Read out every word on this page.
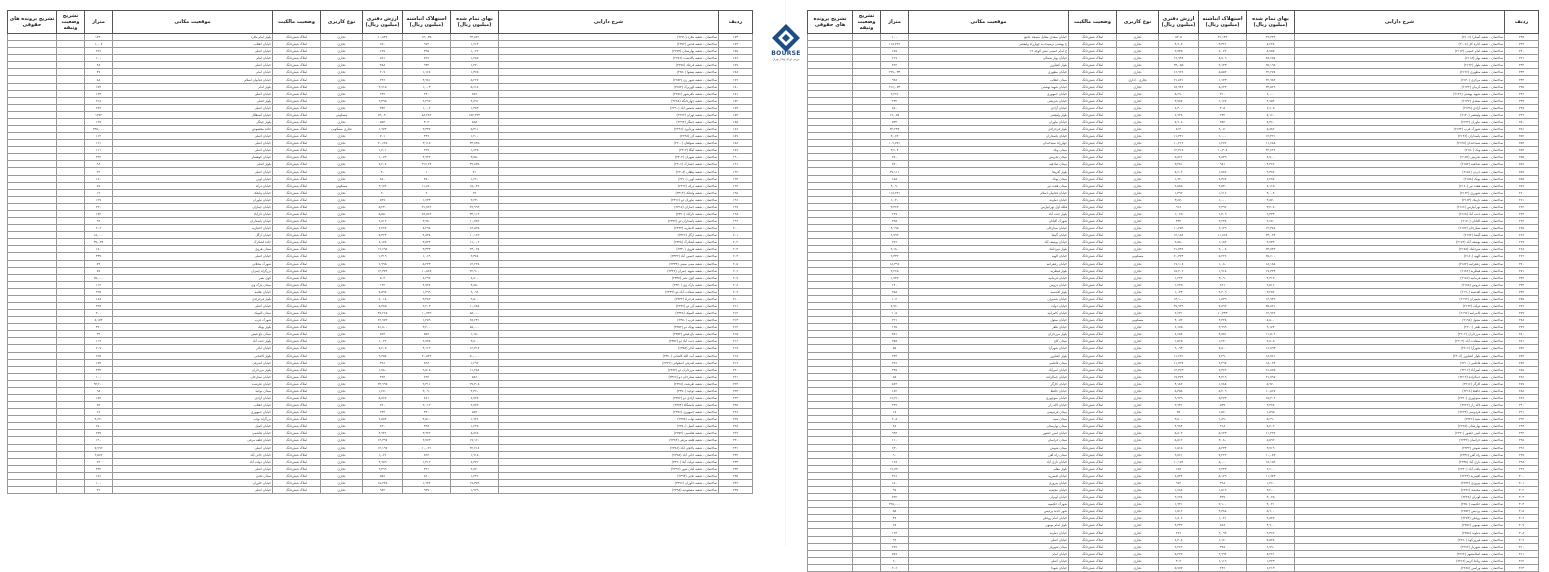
BOURSE
بورس اوراق بهادار تهران
ردیف	شرح دارایی	بهای تمام شده (میلیون ریال)	استهلاک انباشته (میلیون ریال)	ارزش دفتری (میلیون ریال)	نوع کاربری	وضعیت مالکیت	موقعیت مکانی	متراژ	تشریح وضعیت وثیقه	تشریح پرونده های حقوقی
۲۳۸	ساختمان - شعبه آستارا (۲۱۰۶)	۲۹,۳۲۹	۳۱,۱۳۲	۸۳۰۵	تجاری	املاک شش‌دانگ	خیابان سعدی مقابل مسجد جامع	۱۰۰		
۲۳۹	ساختمان - شعبه اداره کل (۳۰۰۸)	۸,۲۲۸	۳,۳۲۱	۴,۹۰۷	تجاری	املاک شش‌دانگ	خ بهشتی نرسیده به چهارراه ولیعصر	۱۱۸,۴۲۶		
۲۴۰	ساختمان - شعبه امام خمینی (۲۱۱۴)	۸,۷۵۷	۶,۰۲۲	۲,۷۳۵	تجاری	املاک شش‌دانگ	خ امام خمینی نبش کوچه ۱۲	۶۶۵		
۲۴۱	ساختمان - شعبه بهار (۲۱۱۸)	۲۸,۶۵۷	۸,۷۰۹	۱۹,۹۴۸	تجاری	املاک شش‌دانگ	خیابان بهار شمالی	۲۱۷		
۲۴۲	ساختمان - شعبه بلوار (۲۱۲۲)	۲۵,۱۹۸	۲,۱۴۳	۲۳,۰۵۵	تجاری	املاک شش‌دانگ	بلوار کشاورز	۲۶۲		
۲۴۳	ساختمان - شعبه مطهری (۲۱۲۶)	۲۲,۴۷۸	۵,۵۵۲	۱۶,۹۲۶	تجاری	املاک شش‌دانگ	خیابان مطهری	۲۹۷,۰۳۳		
۲۴۴	ساختمان - شعبه مرکزی (۲۱۳۰)	۲۲,۹۸۴	۱,۱۴۳	۲۱,۸۴۱	تجاری - اداری	املاک شش‌دانگ	میدان انقلاب	۹۴۸		
۲۴۵	ساختمان - شعبه کرمان (۲۱۳۲)	۳۴,۵۶۹	۵,۶۲۳	۲۸,۹۴۶	تجاری	املاک شش‌دانگ	خیابان شهید بهشتی	۲۱۶,۰۷۳		
۲۴۶	ساختمان - شعبه شهید بهشتی (۲۱۳۶)	۶,۰۰۰	۳۱۰	۵,۶۹۰	تجاری	املاک شش‌دانگ	خیابان جمهوری	۲,۲۲۶		
۲۴۷	ساختمان - شعبه سعدی (۲۱۳۷)	۴,۹۵۴	۱,۱۶۷	۳,۷۸۷	تجاری	املاک شش‌دانگ	خیابان شریعتی	۴۳۲		
۲۴۸	ساختمان - شعبه آزادی (۲۱۳۸)	۶,۶۰۵	۳۰۵	۶,۳۰۰	تجاری	املاک شش‌دانگ	خیابان آزادی	۸۸۰		
۲۴۹	ساختمان - شعبه ولیعصر (۲۱۴۰)	۷,۱۶۰	۲۳۲	۶,۹۲۸	تجاری	املاک شش‌دانگ	بلوار ولیعصر	۱۹,۰۵۷		
۲۵۰	ساختمان - شعبه نیاوران (۲۱۴۲)	۸,۳۶۰	۴۵۲	۷,۹۰۸	تجاری	املاک شش‌دانگ	خیابان نیاوران	۵۳۴		
۲۵۱	ساختمان - شعبه شهرک غرب (۲۱۴۴)	۸,۸۸۲	۹,۰۷۰	۸۱۲	تجاری	املاک شش‌دانگ	بلوار فرحزادی	۲۲,۲۳۷		
۲۵۲	ساختمان - شعبه پاسداران (۲۱۴۶)	۱۲,۳۲۱	۱,۰۰۰	۱۱,۳۲۱	تجاری	املاک شش‌دانگ	خیابان پاسداران	۴,۰۶۴		
۲۵۳	ساختمان - شعبه سیدخندان (۲۱۴۸)	۱۱,۶۸۸	۱,۲۷۶	۱۰,۴۱۲	تجاری	املاک شش‌دانگ	چهارراه سیدخندان	۱۰۹,۷۷۱		
۲۵۴	ساختمان - شعبه ونک (۲۱۵۰)	۲۲,۶۲۶	۱۰,۳۰۸	۱۲,۳۱۸	تجاری	املاک شش‌دانگ	میدان ونک	۳,۶۰۴		
۲۵۵	ساختمان - شعبه تجریش (۲۱۵۲)	۸,۷۰۰	۲,۸۳۹	۵,۸۶۱	تجاری	املاک شش‌دانگ	میدان تجریش	۲۸۰		
۲۵۶	ساختمان - شعبه صادقیه (۲۱۵۴)	۴,۴۶۲	۹۸۱	۳,۴۸۱	تجاری	املاک شش‌دانگ	میدان صادقیه	۸۴۰		
۲۵۷	ساختمان - شعبه جردن (۲۱۵۶)	۹,۳۸۴	۱,۷۸۲	۷,۶۰۲	تجاری	املاک شش‌دانگ	بلوار آفریقا	۲۷,۱۱۱		
۲۵۸	ساختمان - شعبه پونک (۲۱۵۸)	۶,۲۸۷	۸,۳۶۷	۱,۹۲۰	تجاری	املاک شش‌دانگ	میدان پونک	۱۵۸		
۲۵۹	ساختمان - شعبه هفت تیر (۲۱۶۰)	۷,۱۱۵	۴,۵۳۰	۲,۵۸۵	تجاری	املاک شش‌دانگ	میدان هفت تیر	۴,۰۹۰		
۲۶۰	ساختمان - شعبه شهرری (۲۱۶۲)	۳,۰۰۸	۱,۶۱۶	۱,۳۹۲	تجاری	املاک شش‌دانگ	خیابان فداییان اسلام	۱۱۸,۴۴۱		
۲۶۱	ساختمان - شعبه نارمک (۲۱۶۴)	۴,۸۷۰	۱,۰۰۰	۳,۸۷۰	تجاری	املاک شش‌دانگ	خیابان دماوند	۱,۰۴۰		
۲۶۲	ساختمان - شعبه تهرانپارس (۲۱۶۶)	۳,۳۰۸	۲,۳۹۲	۹۱۶	تجاری	املاک شش‌دانگ	فلکه اول تهرانپارس	۳,۳۶۳		
۲۶۳	ساختمان - شعبه جنت آباد (۲۱۶۸)	۲,۳۳۴	۱,۳۰۹	۱,۰۲۵	تجاری	املاک شش‌دانگ	بلوار جنت آباد	۲۶۷		
۲۶۴	ساختمان - شعبه اکباتان (۲۱۷۰)	۲,۶۷۰	۲,۲۳۸	۴۳۲	تجاری	املاک شش‌دانگ	شهرک اکباتان	۳۹۵		
۲۶۵	ساختمان - شعبه ستارخان (۲۱۷۲)	۱۲,۳۸۸	۲,۱۲۹	۱۰,۲۵۹	تجاری	املاک شش‌دانگ	خیابان ستارخان	۴,۱۹۵		
۲۶۶	ساختمان - شعبه گیشا (۲۱۷۴)	۲۴,۰۲۴	۱۱,۸۶۸	۱۲,۱۵۶	تجاری	املاک شش‌دانگ	خیابان گیشا	۲,۷۹۲		
۲۶۷	ساختمان - شعبه یوسف آباد (۲۱۷۶)	۳,۷۳۴	۱,۱۸۴	۲,۵۵۰	تجاری	املاک شش‌دانگ	خیابان یوسف آباد	۲۲۶		
۲۶۸	ساختمان - شعبه میرداماد (۲۱۷۸)	۲۳,۷۴۴	۲,۰۰۸	۲۱,۷۳۶	تجاری	املاک شش‌دانگ	بلوار میرداماد	۲,۱۸۰		
۲۶۹	ساختمان - شعبه الهیه (۲۱۸۰)	۲۵,۶۰۰	۵,۲۲۶	۲۰,۳۷۴	مسکونی	املاک شش‌دانگ	خیابان الهیه	۲,۳۳۲		
۲۷۰	ساختمان - شعبه زعفرانیه (۲۱۸۲)	۱۸,۱۸۸	۱,۰۸۰	۱۷,۱۰۸	تجاری	املاک شش‌دانگ	خیابان زعفرانیه	۱۸,۳۹۶		
۲۷۱	ساختمان - شعبه قیطریه (۲۱۸۴)	۱۷,۳۲۴	۱,۹۱۸	۱۵,۴۰۶	تجاری	املاک شش‌دانگ	بلوار قیطریه	۲,۴۶۵		
۲۷۲	ساختمان - شعبه فرمانیه (۲۱۸۶)	۴,۳۱۳	۳,۰۹۰	۱,۲۲۳	تجاری	املاک شش‌دانگ	خیابان فرمانیه	۱,۷۳۷		
۲۷۳	ساختمان - شعبه دروس (۲۱۸۸)	۲,۵۱۶	۸۹۱	۱,۶۲۵	تجاری	املاک شش‌دانگ	خیابان دروس	۱۴۰		
۲۷۴	ساختمان - شعبه اقدسیه (۲۱۹۰)	۳,۲۵۲	۲,۲۰۹	۱,۰۴۳	تجاری	املاک شش‌دانگ	بلوار اقدسیه	۲۵۸		
۲۷۵	ساختمان - شعبه شمیران (۲۱۹۲)	۱۴,۹۳۹	۱,۸۳۹	۱۳,۱۰۰	تجاری	املاک شش‌دانگ	خیابان شمیران	۱۰۲		
۲۷۶	ساختمان - شعبه دولت (۲۱۹۴)	۳۵,۸۲۱	۷,۸۹۲	۲۷,۹۲۹	تجاری	املاک شش‌دانگ	خیابان دولت	۷,۹۶۰		
۲۷۷	ساختمان - شعبه کامرانیه (۲۱۹۶)	۱۲,۹۶۴	۱۰,۳۳۳	۲,۶۳۱	تجاری	املاک شش‌دانگ	خیابان کامرانیه	۱۰۵		
۲۷۸	ساختمان - شعبه سئول (۲۱۹۸)	۸,۵۰۰	۴,۴۲۸	۴,۰۷۲	مسکونی	املاک شش‌دانگ	خیابان سئول	۲۲۱		
۲۷۹	ساختمان - شعبه ظفر (۲۲۰۰)	۹,۱۷۴	۲,۹۹۹	۶,۱۷۵	تجاری	املاک شش‌دانگ	خیابان ظفر	۱۲۵		
۲۸۰	ساختمان - شعبه مرزداران (۲۲۰۲)	۱۱,۵۰۹	۴,۸۵۱	۶,۶۵۸	تجاری	املاک شش‌دانگ	بلوار مرزداران	۴۵۱		
۲۸۱	ساختمان - شعبه سعادت آباد (۲۲۰۴)	۲,۸۰۵	۱,۲۴۰	۱,۵۶۵	تجاری	املاک شش‌دانگ	میدان کاج	۲۷۵		
۲۸۲	ساختمان - شعبه شهرآرا (۲۲۰۶)	۱۶,۸۹۳	۷,۸۰۰	۹,۰۹۳	تجاری	املاک شش‌دانگ	خیابان شهرآرا	۵۵		
۲۸۳	ساختمان - شعبه بلوار کشاورز (۲۲۰۸)	۱۸,۷۶۱	۷,۴۹۰	۱۱,۲۷۱	تجاری	املاک شش‌دانگ	بلوار کشاورز	۲۴۴		
۲۸۴	ساختمان - شعبه فاطمی (۲۲۱۰)	۱۸,۰۲۴	۶,۲۹۷	۱۱,۷۲۷	تجاری	املاک شش‌دانگ	میدان فاطمی	۲۹۶		
۲۸۵	ساختمان - شعبه امیرآباد (۲۲۱۲)	۲۱,۸۲۵	۷,۴۶۲	۱۴,۳۶۳	تجاری	املاک شش‌دانگ	خیابان امیرآباد	۴۴۵		
۲۸۶	ساختمان - شعبه جمالزاده (۲۲۱۴)	۲۱,۷۹۸	۴,۴۱۹	۱۷,۳۷۹	تجاری	املاک شش‌دانگ	خیابان جمالزاده	۵۸		
۲۸۷	ساختمان - شعبه کارگر (۲۲۱۶)	۵,۹۷۰	۱,۷۸۸	۴,۱۸۲	تجاری	املاک شش‌دانگ	خیابان کارگر	۵۶۴		
۲۸۸	ساختمان - شعبه حافظ (۲۲۱۸)	۱۰,۸۶۷	۵,۴۰۹	۵,۴۵۸	تجاری	املاک شش‌دانگ	خیابان حافظ	۱۸۲		
۲۸۹	ساختمان - شعبه منوچهری (۲۲۲۰)	۱۵,۴۰۲	۵,۴۷۳	۹,۹۲۹	تجاری	املاک شش‌دانگ	خیابان منوچهری	۱۶,۴۱۰		
۲۹۰	ساختمان - شعبه لاله زار (۲۲۲۲)	۳,۴۶۸	۵۳۷	۲,۹۳۱	تجاری	املاک شش‌دانگ	خیابان لاله زار	۲۳۶		
۲۹۱	ساختمان - شعبه فردوسی (۲۲۲۴)	۱,۵۹۵	۱,۵۶۰	۳۵	تجاری	املاک شش‌دانگ	میدان فردوسی	۱۸		
۲۹۲	ساختمان - شعبه سپه (۲۲۲۶)	۵,۶۹۰	۱,۸۹۰	۳,۸۰۰	تجاری	املاک شش‌دانگ	میدان سپه	۲۰۸		
۲۹۳	ساختمان - شعبه بهارستان (۲۲۲۸)	۵,۴۰۲	۴۱۸	۴,۹۸۴	تجاری	املاک شش‌دانگ	میدان بهارستان	۴۸		
۲۹۴	ساختمان - شعبه امین حضور (۲۲۳۰)	۱۱,۴۲۷	۵,۶۲۳	۵,۸۰۴	تجاری	املاک شش‌دانگ	خیابان امین حضور	۹۹۴		
۲۹۵	ساختمان - شعبه خراسان (۲۲۳۲)	۸,۵۹۲	۳,۰۸۰	۵,۵۱۲	تجاری	املاک شش‌دانگ	میدان خراسان	۱۱۰		
۲۹۶	ساختمان - شعبه شوش (۲۲۳۴)	۳,۷۱۹	۵,۲۳۴	۱,۵۱۵	تجاری	املاک شش‌دانگ	میدان شوش	۶۳۰		
۲۹۷	ساختمان - شعبه راه آهن (۲۲۳۶)	۱۰,۰۸۳	۷,۲۲۲	۲,۸۶۱	تجاری	املاک شش‌دانگ	میدان راه آهن	۹۰		
۲۹۸	ساختمان - شعبه نازی آباد (۲۲۳۸)	۱۵,۱۵۹	۵,۰۰۰	۱۰,۱۵۹	تجاری	املاک شش‌دانگ	خیابان نازی آباد	۱۲۸		
۲۹۹	ساختمان - شعبه یافت آباد (۲۲۴۰)	۲,۶۰۰	۲,۴۴۳	۱۵۷	تجاری	املاک شش‌دانگ	بلوار معلم	۱۹,۷۲۰		
۳۰۰	ساختمان - شعبه افسریه (۲۲۴۲)	۱۱,۹۷۳	۵,۱۲۹	۶,۸۴۴	تجاری	املاک شش‌دانگ	خیابان افسریه	۳۱۶		
۳۰۱	ساختمان - شعبه پیروزی (۲۲۴۴)	۱,۴۶۰	۴۹۸	۹۶۲	تجاری	املاک شش‌دانگ	خیابان پیروزی	۱۸۰		
۳۰۲	ساختمان - شعبه مجیدیه (۲۲۴۶)	۳,۲۰۰	۱,۵۱۲	۱,۶۸۸	تجاری	املاک شش‌دانگ	خیابان مجیدیه	۹۷		
۳۰۳	ساختمان - شعبه لویزان (۲۲۴۸)	۳,۰۲۵	۳۹۷	۲,۶۲۸	تجاری	املاک شش‌دانگ	خیابان لویزان	۲۲۲		
۳۰۴	ساختمان - شعبه حکیمیه (۲۲۵۰)	۴,۰۴۱	۲,۱۰۰	۱,۹۴۱	تجاری	املاک شش‌دانگ	شهرک حکیمیه	۲۹۵,۰۰۰		
۳۰۵	ساختمان - شعبه پردیس (۲۲۵۲)	۵,۹۰۰	۴,۳۸۸	۱,۵۱۲	تجاری	املاک شش‌دانگ	شهر جدید پردیس	۵۸		
۳۰۶	ساختمان - شعبه رودهن (۲۲۵۴)	۲,۸۴۷	۱,۰۴۱	۱,۸۰۶	تجاری	املاک شش‌دانگ	خیابان امام رودهن	۴۷		
۳۰۷	ساختمان - شعبه بومهن (۲۲۵۶)	۴,۹۰۰	۵۶۸	۴,۳۳۲	تجاری	املاک شش‌دانگ	بلوار امام بومهن	۲۸		
۳۰۸	ساختمان - شعبه دماوند (۲۲۵۸)	۲,۳۶۲	۲,۰۹۳	۲۶۹	تجاری	املاک شش‌دانگ	خیابان دماوند	۱۲۴		
۳۰۹	ساختمان - شعبه فیروزکوه (۲۲۶۰)	۷,۵۲۸	۱,۱۲۰	۶,۴۰۸	تجاری	املاک شش‌دانگ	خیابان اصلی	۹۴		
۳۱۰	ساختمان - شعبه شهریار (۲۲۶۲)	۲,۷۹۰	۳۲۸	۲,۴۶۲	تجاری	املاک شش‌دانگ	میدان شهریار	۲۳۶		
۳۱۱	ساختمان - شعبه اسلامشهر (۲۲۶۴)	۸,۲۲۱	۲,۹۹۴	۵,۲۲۷	تجاری	املاک شش‌دانگ	خیابان امام	۷۵۹		
۳۱۲	ساختمان - شعبه رباط کریم (۲۲۶۶)	۱,۴۲۳	۱,۱۱۹	۳۰۴	تجاری	املاک شش‌دانگ	خیابان اصلی	۶۰		
۳۱۳	ساختمان - شعبه ورامین (۲۲۶۸)	۶,۲۱۳	۴۳۶	۵,۷۷۷	تجاری	املاک شش‌دانگ	خیابان شهدا	۲۰۶		
ردیف	شرح دارایی	بهای تمام شده (میلیون ریال)	استهلاک انباشته (میلیون ریال)	ارزش دفتری (میلیون ریال)	نوع کاربری	وضعیت مالکیت	موقعیت مکانی	متراژ	تشریح وضعیت وثیقه	تشریح پرونده های حقوقی
۱۷۳	ساختمان - شعبه ملارد (۲۲۷۰)	۲۴,۸۷۱	۱۴,۰۳۵	۱۰,۸۳۶	تجاری	املاک شش‌دانگ	بلوار امام ملارد	۱۷۳۰		
۱۷۴	ساختمان - شعبه قدس (۲۲۷۲)	۱,۶۱۴	۹۶۴	۶۵۰	تجاری	املاک شش‌دانگ	خیابان انقلاب	۱,۰۰۷		
۱۷۵	ساختمان - شعبه بهارستان (۲۲۷۴)	۱,۰۲۲	۳۹۵	۶۲۷	تجاری	املاک شش‌دانگ	خیابان اصلی	۲۲۶		
۱۷۶	ساختمان - شعبه پاکدشت (۲۲۷۶)	۱,۲۸۷	۷۲۶	۵۶۱	تجاری	املاک شش‌دانگ	خیابان امام	۱۰۰		
۱۷۷	ساختمان - شعبه قرچک (۲۲۷۸)	۱,۴۲۰	۹۳۲	۴۸۸	تجاری	املاک شش‌دانگ	خیابان اصلی	۴۸		
۱۷۸	ساختمان - شعبه پیشوا (۲۲۸۰)	۱,۳۷۵	۱,۱۶۸	۲۰۷	تجاری	املاک شش‌دانگ	خیابان امام	۴۷		
۱۷۹	ساختمان - شعبه شهر ری (۲۲۸۲)	۵,۲۲۷	۴,۹۸۱	۲۴۶	تجاری	املاک شش‌دانگ	خیابان فداییان اسلام	۸۸		
۱۸۰	ساختمان - شعبه کهریزک (۲۲۸۴)	۵,۶۱۸	۱,۰۰۳	۴,۶۱۵	تجاری	املاک شش‌دانگ	بلوار امام	۱۷۳		
۱۸۱	ساختمان - شعبه باقرشهر (۲۲۸۶)	۸۷۶	۲۴۰	۶۳۶	تجاری	املاک شش‌دانگ	خیابان اصلی	۱۴۳		
۱۸۲	ساختمان - شعبه چهاردانگه (۲۲۸۸)	۴,۸۹۱	۲,۴۹۶	۲,۳۹۵	تجاری	املاک شش‌دانگ	بلوار اصلی	۲۱۸		
۱۸۳	ساختمان - شعبه شمس آباد (۲۲۹۰)	۱,۳۷۴	۱,۰۰۲	۳۷۲	تجاری	املاک شش‌دانگ	خیابان اصلی	۲۶۴		
۱۸۴	ساختمان - شعبه تهران (۲۲۹۲)	۱۵۲,۳۲۲	۸۸,۲۸۲	۶۴,۰۴۰	مسکونی	املاک شش‌دانگ	خیابان استقلال	۱۲۷۲		
۱۸۵	ساختمان - شعبه چیتگر (۲۲۹۴)	۸۵۸	۳۰۴	۵۵۴	تجاری	املاک شش‌دانگ	بلوار چیتگر	۱۲۷		
۱۸۶	ساختمان - شعبه وردآورد (۲۲۹۶)	۵,۳۱۱	۳,۳۳۷	۱,۹۷۴	تجاری مسکونی	املاک شش‌دانگ	جاده مخصوص	۲۳۵,۰۰۰		
۱۸۷	ساختمان - شعبه کن (۲۲۹۸)	۱,۲۰۰	۴۹۹	۷۰۱	تجاری	املاک شش‌دانگ	خیابان اصلی	۱۱۲		
۱۸۸	ساختمان - شعبه سولقان (۲۳۰۰)	۳۳,۷۴۵	۳,۱۱۷	۳۰,۶۲۸	تجاری	املاک شش‌دانگ	خیابان اصلی	۱۲۱		
۱۸۹	ساختمان - شعبه کیگا (۲۳۰۲)	۱,۶۲۸	۲۲۷	۱,۴۰۱	تجاری	املاک شش‌دانگ	خیابان اصلی	۱۱۱		
۱۹۰	ساختمان - شعبه شهران (۲۳۰۴)	۳,۸۵۰	۴,۹۲۲	۱,۰۷۲	تجاری	املاک شش‌دانگ	خیابان کوهسار	۲۲۲		
۱۹۱	ساختمان - شعبه حصارک (۲۳۰۶)	۳۹,۸۳۵	۳۱۶,۲۷	۸,۲۰۸	تجاری	املاک شش‌دانگ	بلوار اصلی	۹۶		
۱۹۲	ساختمان - شعبه بیلقان (۲۳۰۸)	۴۱	۱	۴۰	تجاری	املاک شش‌دانگ	خیابان اصلی	۲۲		
۱۹۳	ساختمان - شعبه اوین (۲۳۱۰)	۱,۲۶۰	۳۸۰	۸۸۰	تجاری	املاک شش‌دانگ	خیابان اوین	۱۸۰		
۱۹۴	ساختمان - شعبه درکه (۲۳۱۲)	۱۵,۰۳۶	۱۱,۸۶۰	۳,۱۷۶	مسکونی	املاک شش‌دانگ	خیابان درکه	۸۷		
۱۹۵	ساختمان - شعبه ولنجک (۲۳۱۴)	۲۲	۲	۲۰	تجاری	املاک شش‌دانگ	خیابان ولنجک	۱۲		
۱۹۶	ساختمان - شعبه نیاوران دو (۲۳۱۶)	۲,۲۳۰	۱,۶۳۳	۵۹۷	تجاری	املاک شش‌دانگ	خیابان نیاوران	۱۲۷		
۱۹۷	ساختمان - شعبه جماران (۲۳۱۸)	۳۶,۹۹۲	۳۱,۷۶۲	۵,۲۳۰	تجاری	املاک شش‌دانگ	خیابان جماران	۲۳۰		
۱۹۸	ساختمان - شعبه دارآباد (۲۳۲۰)	۳۴,۱۱۲	۲۸,۵۶۲	۵,۵۵۰	تجاری	املاک شش‌دانگ	خیابان دارآباد	۱۷۲		
۱۹۹	ساختمان - شعبه پاسداران دو (۲۳۲۲)	۱۰,۷۸۲	۳,۹۷۰	۶,۸۱۲	تجاری	املاک شش‌دانگ	خیابان پاسداران	۹۲		
۲۰۰	ساختمان - شعبه اختیاریه (۲۳۲۴)	۱۴,۵۲۵	۸,۲۹۸	۶,۲۲۷	تجاری	املاک شش‌دانگ	خیابان اختیاریه	۲۰۶		
۲۰۱	ساختمان - شعبه ازگل (۲۳۲۶)	۱۰,۱۶۲	۴,۸۳۸	۵,۳۲۴	تجاری	املاک شش‌دانگ	خیابان ازگل	۱۸,۰۰۰		
۲۰۲	ساختمان - شعبه لشکرک (۲۳۲۸)	۱۱,۰۰۲	۳,۸۲۴	۷,۱۷۸	تجاری	املاک شش‌دانگ	جاده لشکرک	۳۷,۰۳۷		
۲۰۳	ساختمان - شعبه هروی (۲۳۳۰)	۲۳,۰۲۸	۳,۳۳۳	۱۹,۶۹۵	تجاری	املاک شش‌دانگ	میدان هروی	۱۸۰		
۲۰۴	ساختمان - شعبه حسین آباد (۲۳۳۲)	۲,۳۸۸	۱,۰۶۹	۱,۳۱۹	تجاری	املاک شش‌دانگ	خیابان اصلی	۳۳۷		
۲۰۵	ساختمان - شعبه مینی سیتی (۲۳۳۴)	۱۲,۲۲۸	۵,۲۳۳	۶,۹۹۵	تجاری	املاک شش‌دانگ	شهرک محلاتی	۷۴		
۲۰۶	ساختمان - شعبه شهید چمران (۲۳۳۶)	۲۲,۹۰۰	۱۰,۵۲۸	۱۲,۳۷۲	تجاری	املاک شش‌دانگ	بزرگراه چمران	۸۷		
۲۰۷	ساختمان - شعبه کوی نصر (۲۳۳۸)	۶,۸۰۰	۶,۲۹۶	۵۰۴	تجاری	املاک شش‌دانگ	کوی نصر	۲۵,۰۰۰		
۲۰۸	ساختمان - شعبه پارک وی (۲۳۴۰)	۴,۸۵۰	۴,۷۲۸	۱۲۲	تجاری	املاک شش‌دانگ	میدان پارک وی	۱۱۲		
۲۰۹	ساختمان - شعبه سعادت آباد دو (۲۳۴۲)	۹,۰۹۶	۱,۴۹۹	۷,۵۹۷	تجاری	املاک شش‌دانگ	خیابان علامه	۲۲۵		
۲۱۰	ساختمان - شعبه فرحزاد (۲۳۴۴)	۹,۵۰۰	۳,۴۸۲	۶,۰۱۸	تجاری	املاک شش‌دانگ	بلوار فرحزادی	۱۸۸		
۲۱۱	ساختمان - شعبه کن دو (۲۳۴۶)	۱۰,۶۸۸	۲,۲۰۳	۸,۴۸۵	تجاری	املاک شش‌دانگ	خیابان اصلی	۲۳۸		
۲۱۲	ساختمان - شعبه المپیک (۲۳۴۸)	۵۸,۰۰۰	۱۰,۷۳۲	۴۷,۲۶۸	تجاری	املاک شش‌دانگ	میدان المپیک	۴۰۰		
۲۱۳	ساختمان - شعبه غرب (۲۳۵۰)	۲۸,۲۳۱	۱,۲۵۹	۲۶,۹۷۲	تجاری	املاک شش‌دانگ	شهرک غرب	۸,۱۷۴		
۲۱۴	ساختمان - شعبه پونک دو (۲۳۵۲)	۸۵,۰۰۰	۳,۲۰۰	۸۱,۸۰۰	تجاری	املاک شش‌دانگ	بلوار پونک	۳۲۰		
۲۱۵	ساختمان - شعبه باغ فیض (۲۳۵۴)	۱,۱۵۰	۵۵۶	۵۹۴	تجاری	املاک شش‌دانگ	میدان باغ فیض	۳۲		
۲۱۶	ساختمان - شعبه جنت آباد دو (۲۳۵۶)	۳,۸۰۰	۲,۷۷۸	۱,۰۲۲	تجاری	املاک شش‌دانگ	بلوار جنت آباد	۱۱۹		
۲۱۷	ساختمان - شعبه اباذر (۲۳۵۸)	۱۲,۳۱۷	۴,۱۱۲	۸,۲۰۵	تجاری	املاک شش‌دانگ	خیابان اباذر	۲۰۷		
۲۱۸	ساختمان - شعبه آیت الله کاشانی (۲۳۶۰)	۵۰,۰۰۰	۴۰,۵۴۲	۹,۴۵۸	تجاری	املاک شش‌دانگ	بلوار کاشانی	۶۲۵		
۲۱۹	ساختمان - شعبه اشرفی اصفهانی (۲۳۶۲)	۱,۲۹۲	۸۹۶	۳۹۶	تجاری	املاک شش‌دانگ	خیابان اشرفی	۱۷۳		
۲۲۰	ساختمان - شعبه مرزداران دو (۲۳۶۴)	۱۱,۲۸۸	۹,۵۰۸	۱,۷۸۰	تجاری	املاک شش‌دانگ	بلوار مرزداران	۴۳۲		
۲۲۱	ساختمان - شعبه ستارخان دو (۲۳۶۶)	۵۸۶	۲۲۲	۳۶۴	تجاری	املاک شش‌دانگ	خیابان ستارخان	۱۰۰		
۲۲۲	ساختمان - شعبه طرشت (۲۳۶۸)	۲۷,۳۰۸	۲,۳۱۱	۲۴,۹۹۷	تجاری	املاک شش‌دانگ	خیابان طرشت	۹۴,۲۰۰		
۲۲۳	ساختمان - شعبه توحید (۲۳۷۰)	۴,۳۶۰	۳,۰۹۰	۱,۲۷۰	تجاری	املاک شش‌دانگ	میدان توحید	۹۸		
۲۲۴	ساختمان - شعبه آزادی دو (۲۳۷۲)	۶,۷۲۸	۸۶۱	۵,۸۶۷	تجاری	املاک شش‌دانگ	خیابان آزادی	۱۸۴		
۲۲۵	ساختمان - شعبه دانشگاه (۲۳۷۴)	۲,۷۷۲	۲,۰۱۲	۷۶۰	تجاری	املاک شش‌دانگ	خیابان انقلاب	۵۲		
۲۲۶	ساختمان - شعبه جمهوری (۲۳۷۶)	۵۸۴	۳۴۰	۲۴۴	تجاری	املاک شش‌دانگ	خیابان جمهوری	۶۶		
۲۲۷	ساختمان - شعبه نواب (۲۳۷۸)	۱,۹۲۶	۴,۵۱۰	۲,۵۸۴	تجاری	املاک شش‌دانگ	بزرگراه نواب	۴,۶۲۰		
۲۲۸	ساختمان - شعبه کمیل (۲۳۸۰)	۱,۲۲۸	۳۹۸	۸۳۰	تجاری	املاک شش‌دانگ	خیابان کمیل	۲۸۰		
۲۲۹	ساختمان - شعبه هاشمی (۲۳۸۲)	۸,۸۶۸	۳,۹۲۲	۴,۹۴۶	تجاری	املاک شش‌دانگ	خیابان هاشمی	۲۳۷		
۲۳۰	ساختمان - شعبه قلعه مرغی (۲۳۸۴)	۱۷,۱۶۰	۲,۷۶۳	۱۴,۳۹۷	تجاری	املاک شش‌دانگ	خیابان قلعه مرغی	۱۹۰		
۲۳۱	ساختمان - شعبه یاخچی آباد (۲۳۸۶)	۲۲,۲۱۸	۱۰,۰۲۱	۱۲,۱۹۷	تجاری	املاک شش‌دانگ	خیابان اصلی	۷,۷۹۲		
۲۳۲	ساختمان - شعبه خانی آباد (۲۳۸۸)	۱,۹۱۸	۸۹۲	۱,۰۲۶	تجاری	املاک شش‌دانگ	خیابان خانی آباد	۲,۵۷۲		
۲۳۳	ساختمان - شعبه دولت آباد (۲۳۹۰)	۶,۳۷۱	۱,۴۱۲	۴,۹۵۹	تجاری	املاک شش‌دانگ	خیابان دولت آباد	۷۲		
۲۳۴	ساختمان - شعبه کیان شهر (۲۳۹۲)	۲,۸۲۰	۳۲۱	۲,۴۹۹	تجاری	املاک شش‌دانگ	خیابان اصلی	۴۳۲		
۲۳۵	ساختمان - شعبه تختی (۲۳۹۴)	۱,۴۴۶	۸۹۰	۵۵۶	تجاری	املاک شش‌دانگ	میدان تختی	۱۸۶		
۲۳۶	ساختمان - شعبه خاوران (۲۳۹۶)	۱۷,۳۷۹	۱,۹۳۴	۱۵,۴۴۵	تجاری	املاک شش‌دانگ	خیابان خاوران	۱۰۰		
۲۳۷	ساختمان - شعبه مسعودیه (۲۳۹۸)	۱,۹۲۹	۹۴۷	۹۸۲	تجاری	املاک شش‌دانگ	خیابان اصلی	۳۱		
